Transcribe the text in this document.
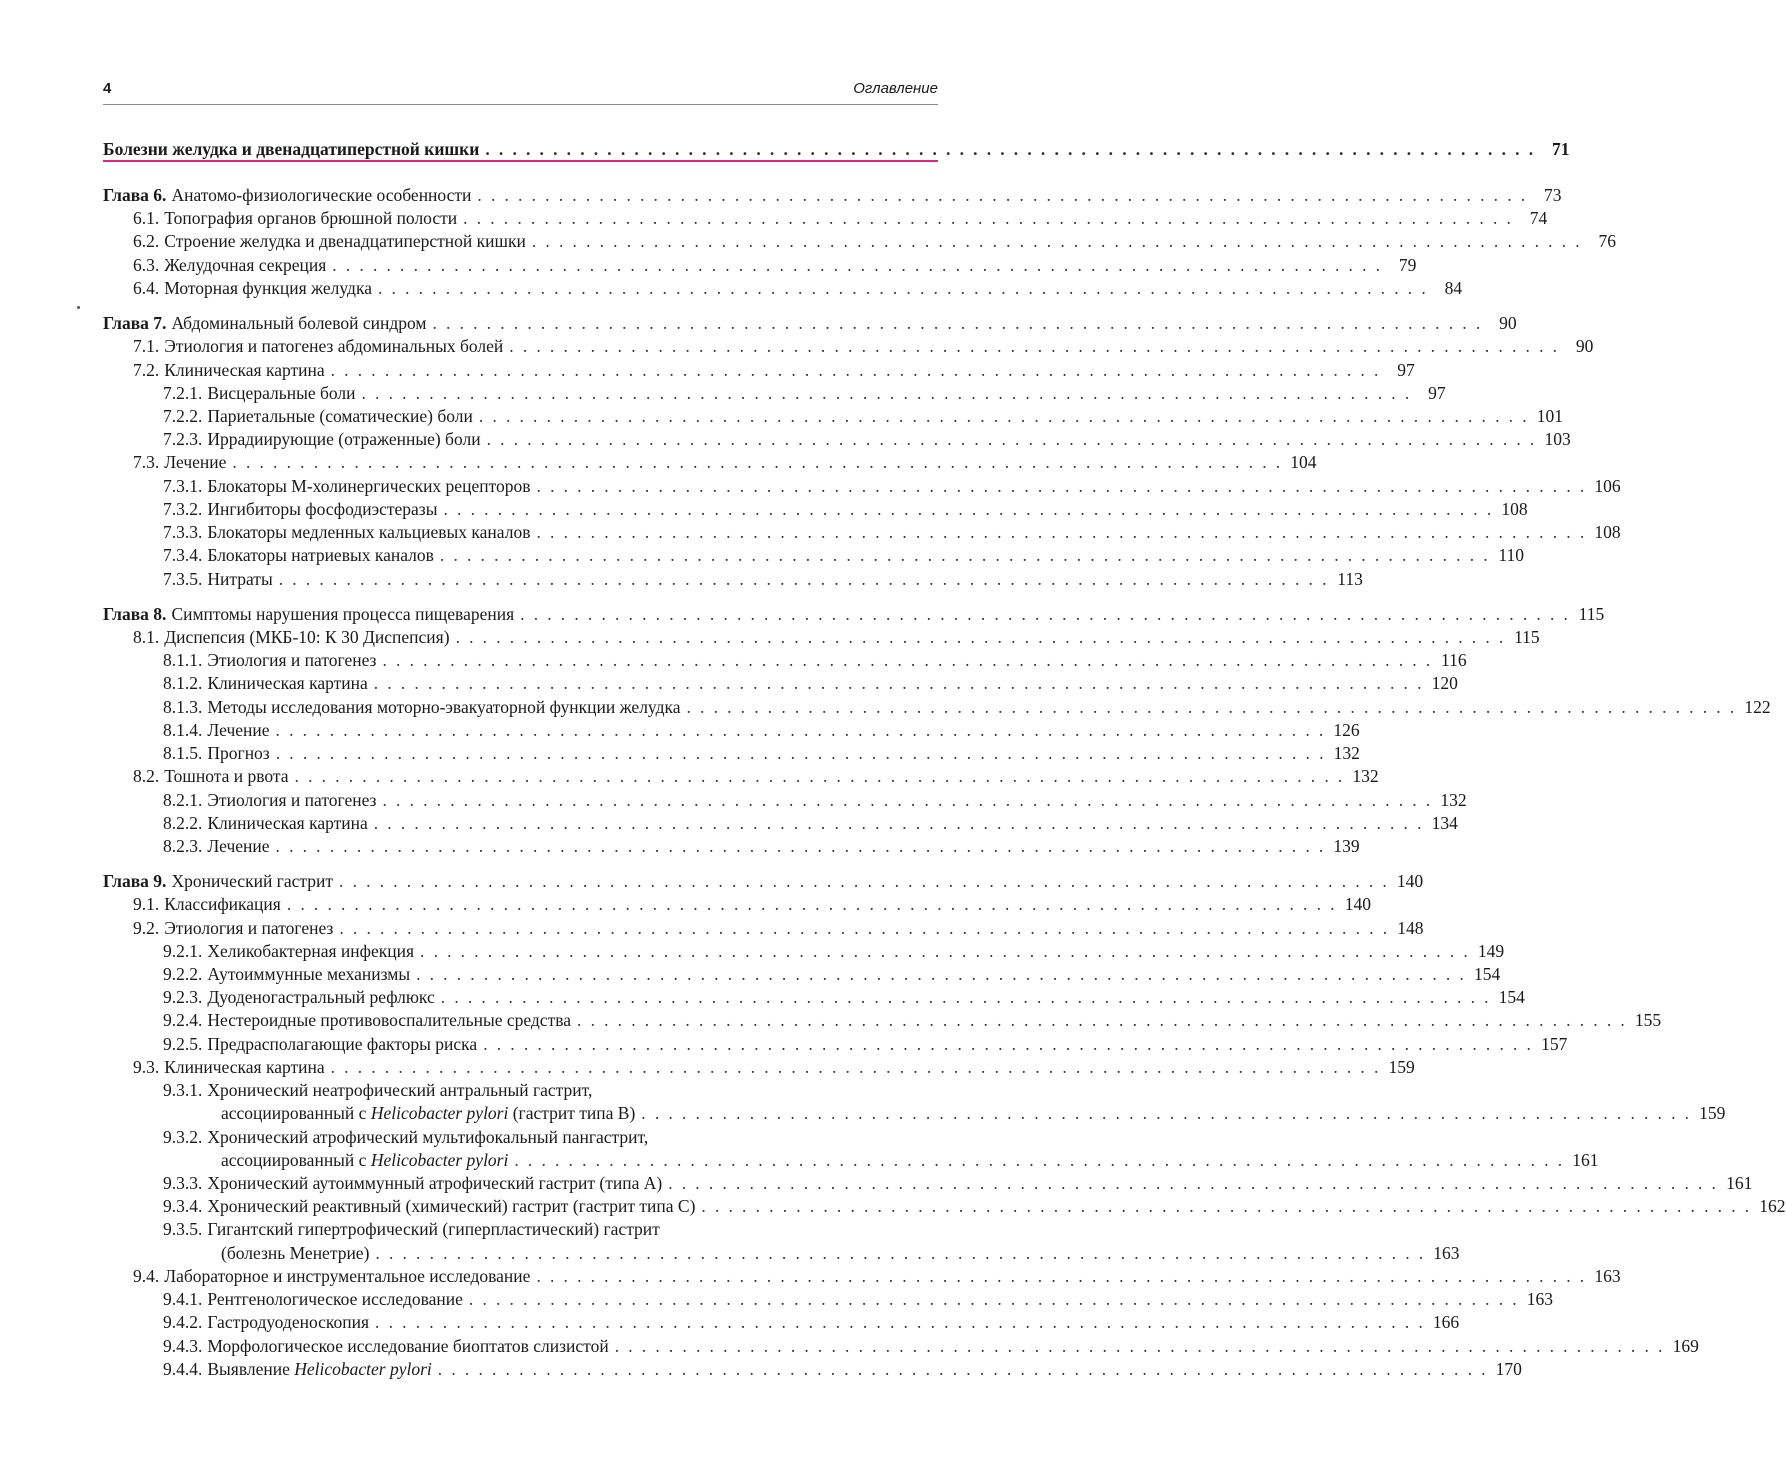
4	Оглавление
Болезни желудка и двенадцатиперстной кишки . . . . . . . . . . . . . . . . . . . . . . . . . . . . . . . . . . . . . . . . . . . . . . . . . . . . . . . . . . . . . . . . . . . . . . . . . . . . . . 71
Глава 6. Анатомо-физиологические особенности . . . . . . . . . . . . . . . . . . . . . . . . . . . . . . . . . . . . . . . . . . . . . . . . . . . . . . . . . . . . . . . . . . . . . . . . . . . . . . 73
6.1. Топография органов брюшной полости . . . . . . . . . . . . . . . . . . . . . . . . . . . . . . . . . . . . . . . . . . . . . . . . . . . . . . . . . . . . . . . . . . . . . . . . . . . . . . 74
6.2. Строение желудка и двенадцатиперстной кишки . . . . . . . . . . . . . . . . . . . . . . . . . . . . . . . . . . . . . . . . . . . . . . . . . . . . . . . . . . . . . . . . . . . . . . . . . . . . . . 76
6.3. Желудочная секреция . . . . . . . . . . . . . . . . . . . . . . . . . . . . . . . . . . . . . . . . . . . . . . . . . . . . . . . . . . . . . . . . . . . . . . . . . . . . . . 79
6.4. Моторная функция желудка . . . . . . . . . . . . . . . . . . . . . . . . . . . . . . . . . . . . . . . . . . . . . . . . . . . . . . . . . . . . . . . . . . . . . . . . . . . . . . 84
Глава 7. Абдоминальный болевой синдром . . . . . . . . . . . . . . . . . . . . . . . . . . . . . . . . . . . . . . . . . . . . . . . . . . . . . . . . . . . . . . . . . . . . . . . . . . . . . . 90
7.1. Этиология и патогенез абдоминальных болей . . . . . . . . . . . . . . . . . . . . . . . . . . . . . . . . . . . . . . . . . . . . . . . . . . . . . . . . . . . . . . . . . . . . . . . . . . . . . . 90
7.2. Клиническая картина . . . . . . . . . . . . . . . . . . . . . . . . . . . . . . . . . . . . . . . . . . . . . . . . . . . . . . . . . . . . . . . . . . . . . . . . . . . . . . 97
7.2.1. Висцеральные боли . . . . . . . . . . . . . . . . . . . . . . . . . . . . . . . . . . . . . . . . . . . . . . . . . . . . . . . . . . . . . . . . . . . . . . . . . . . . . . 97
7.2.2. Париетальные (соматические) боли . . . . . . . . . . . . . . . . . . . . . . . . . . . . . . . . . . . . . . . . . . . . . . . . . . . . . . . . . . . . . . . . . . . . . . . . . . . . . . 101
7.2.3. Иррадиирующие (отраженные) боли . . . . . . . . . . . . . . . . . . . . . . . . . . . . . . . . . . . . . . . . . . . . . . . . . . . . . . . . . . . . . . . . . . . . . . . . . . . . . . 103
7.3. Лечение . . . . . . . . . . . . . . . . . . . . . . . . . . . . . . . . . . . . . . . . . . . . . . . . . . . . . . . . . . . . . . . . . . . . . . . . . . . . . . 104
7.3.1. Блокаторы М-холинергических рецепторов . . . . . . . . . . . . . . . . . . . . . . . . . . . . . . . . . . . . . . . . . . . . . . . . . . . . . . . . . . . . . . . . . . . . . . . . . . . . . . 106
7.3.2. Ингибиторы фосфодиэстеразы . . . . . . . . . . . . . . . . . . . . . . . . . . . . . . . . . . . . . . . . . . . . . . . . . . . . . . . . . . . . . . . . . . . . . . . . . . . . . . 108
7.3.3. Блокаторы медленных кальциевых каналов . . . . . . . . . . . . . . . . . . . . . . . . . . . . . . . . . . . . . . . . . . . . . . . . . . . . . . . . . . . . . . . . . . . . . . . . . . . . . . 108
7.3.4. Блокаторы натриевых каналов . . . . . . . . . . . . . . . . . . . . . . . . . . . . . . . . . . . . . . . . . . . . . . . . . . . . . . . . . . . . . . . . . . . . . . . . . . . . . . 110
7.3.5. Нитраты . . . . . . . . . . . . . . . . . . . . . . . . . . . . . . . . . . . . . . . . . . . . . . . . . . . . . . . . . . . . . . . . . . . . . . . . . . . . . . 113
Глава 8. Симптомы нарушения процесса пищеварения . . . . . . . . . . . . . . . . . . . . . . . . . . . . . . . . . . . . . . . . . . . . . . . . . . . . . . . . . . . . . . . . . . . . . . . . . . . . . . 115
8.1. Диспепсия (МКБ-10: К 30 Диспепсия) . . . . . . . . . . . . . . . . . . . . . . . . . . . . . . . . . . . . . . . . . . . . . . . . . . . . . . . . . . . . . . . . . . . . . . . . . . . . . . 115
8.1.1. Этиология и патогенез . . . . . . . . . . . . . . . . . . . . . . . . . . . . . . . . . . . . . . . . . . . . . . . . . . . . . . . . . . . . . . . . . . . . . . . . . . . . . . 116
8.1.2. Клиническая картина . . . . . . . . . . . . . . . . . . . . . . . . . . . . . . . . . . . . . . . . . . . . . . . . . . . . . . . . . . . . . . . . . . . . . . . . . . . . . . 120
8.1.3. Методы исследования моторно-эвакуаторной функции желудка . . . . . . . . . . . . . . . . . . . . . . . . . . . . . . . . . . . . . . . . . . . . . . . . . . . . . . . . . . . . . . . . . . . . . . . . . . . . . . 122
8.1.4. Лечение . . . . . . . . . . . . . . . . . . . . . . . . . . . . . . . . . . . . . . . . . . . . . . . . . . . . . . . . . . . . . . . . . . . . . . . . . . . . . . 126
8.1.5. Прогноз . . . . . . . . . . . . . . . . . . . . . . . . . . . . . . . . . . . . . . . . . . . . . . . . . . . . . . . . . . . . . . . . . . . . . . . . . . . . . . 132
8.2. Тошнота и рвота . . . . . . . . . . . . . . . . . . . . . . . . . . . . . . . . . . . . . . . . . . . . . . . . . . . . . . . . . . . . . . . . . . . . . . . . . . . . . . 132
8.2.1. Этиология и патогенез . . . . . . . . . . . . . . . . . . . . . . . . . . . . . . . . . . . . . . . . . . . . . . . . . . . . . . . . . . . . . . . . . . . . . . . . . . . . . . 132
8.2.2. Клиническая картина . . . . . . . . . . . . . . . . . . . . . . . . . . . . . . . . . . . . . . . . . . . . . . . . . . . . . . . . . . . . . . . . . . . . . . . . . . . . . . 134
8.2.3. Лечение . . . . . . . . . . . . . . . . . . . . . . . . . . . . . . . . . . . . . . . . . . . . . . . . . . . . . . . . . . . . . . . . . . . . . . . . . . . . . . 139
Глава 9. Хронический гастрит . . . . . . . . . . . . . . . . . . . . . . . . . . . . . . . . . . . . . . . . . . . . . . . . . . . . . . . . . . . . . . . . . . . . . . . . . . . . . . 140
9.1. Классификация . . . . . . . . . . . . . . . . . . . . . . . . . . . . . . . . . . . . . . . . . . . . . . . . . . . . . . . . . . . . . . . . . . . . . . . . . . . . . . 140
9.2. Этиология и патогенез . . . . . . . . . . . . . . . . . . . . . . . . . . . . . . . . . . . . . . . . . . . . . . . . . . . . . . . . . . . . . . . . . . . . . . . . . . . . . . 148
9.2.1. Хеликобактерная инфекция . . . . . . . . . . . . . . . . . . . . . . . . . . . . . . . . . . . . . . . . . . . . . . . . . . . . . . . . . . . . . . . . . . . . . . . . . . . . . . 149
9.2.2. Аутоиммунные механизмы . . . . . . . . . . . . . . . . . . . . . . . . . . . . . . . . . . . . . . . . . . . . . . . . . . . . . . . . . . . . . . . . . . . . . . . . . . . . . . 154
9.2.3. Дуоденогастральный рефлюкс . . . . . . . . . . . . . . . . . . . . . . . . . . . . . . . . . . . . . . . . . . . . . . . . . . . . . . . . . . . . . . . . . . . . . . . . . . . . . . 154
9.2.4. Нестероидные противовоспалительные средства . . . . . . . . . . . . . . . . . . . . . . . . . . . . . . . . . . . . . . . . . . . . . . . . . . . . . . . . . . . . . . . . . . . . . . . . . . . . . . 155
9.2.5. Предрасполагающие факторы риска . . . . . . . . . . . . . . . . . . . . . . . . . . . . . . . . . . . . . . . . . . . . . . . . . . . . . . . . . . . . . . . . . . . . . . . . . . . . . . 157
9.3. Клиническая картина . . . . . . . . . . . . . . . . . . . . . . . . . . . . . . . . . . . . . . . . . . . . . . . . . . . . . . . . . . . . . . . . . . . . . . . . . . . . . . 159
9.3.1. Хронический неатрофический антральный гастрит,
ассоциированный с Helicobacter pylori (гастрит типа B) . . . . . . . . . . . . . . . . . . . . . . . . . . . . . . . . . . . . . . . . . . . . . . . . . . . . . . . . . . . . . . . . . . . . . . . . . . . . . . 159
9.3.2. Хронический атрофический мультифокальный пангастрит,
ассоциированный с Helicobacter pylori . . . . . . . . . . . . . . . . . . . . . . . . . . . . . . . . . . . . . . . . . . . . . . . . . . . . . . . . . . . . . . . . . . . . . . . . . . . . . . 161
9.3.3. Хронический аутоиммунный атрофический гастрит (типа А) . . . . . . . . . . . . . . . . . . . . . . . . . . . . . . . . . . . . . . . . . . . . . . . . . . . . . . . . . . . . . . . . . . . . . . . . . . . . . . 161
9.3.4. Хронический реактивный (химический) гастрит (гастрит типа C) . . . . . . . . . . . . . . . . . . . . . . . . . . . . . . . . . . . . . . . . . . . . . . . . . . . . . . . . . . . . . . . . . . . . . . . . . . . . . . 162
9.3.5. Гигантский гипертрофический (гиперпластический) гастрит
(болезнь Менетрие) . . . . . . . . . . . . . . . . . . . . . . . . . . . . . . . . . . . . . . . . . . . . . . . . . . . . . . . . . . . . . . . . . . . . . . . . . . . . . . 163
9.4. Лабораторное и инструментальное исследование . . . . . . . . . . . . . . . . . . . . . . . . . . . . . . . . . . . . . . . . . . . . . . . . . . . . . . . . . . . . . . . . . . . . . . . . . . . . . . 163
9.4.1. Рентгенологическое исследование . . . . . . . . . . . . . . . . . . . . . . . . . . . . . . . . . . . . . . . . . . . . . . . . . . . . . . . . . . . . . . . . . . . . . . . . . . . . . . 163
9.4.2. Гастродуоденоскопия . . . . . . . . . . . . . . . . . . . . . . . . . . . . . . . . . . . . . . . . . . . . . . . . . . . . . . . . . . . . . . . . . . . . . . . . . . . . . . 166
9.4.3. Морфологическое исследование биоптатов слизистой . . . . . . . . . . . . . . . . . . . . . . . . . . . . . . . . . . . . . . . . . . . . . . . . . . . . . . . . . . . . . . . . . . . . . . . . . . . . . . 169
9.4.4. Выявление Helicobacter pylori . . . . . . . . . . . . . . . . . . . . . . . . . . . . . . . . . . . . . . . . . . . . . . . . . . . . . . . . . . . . . . . . . . . . . . . . . . . . . . 170
